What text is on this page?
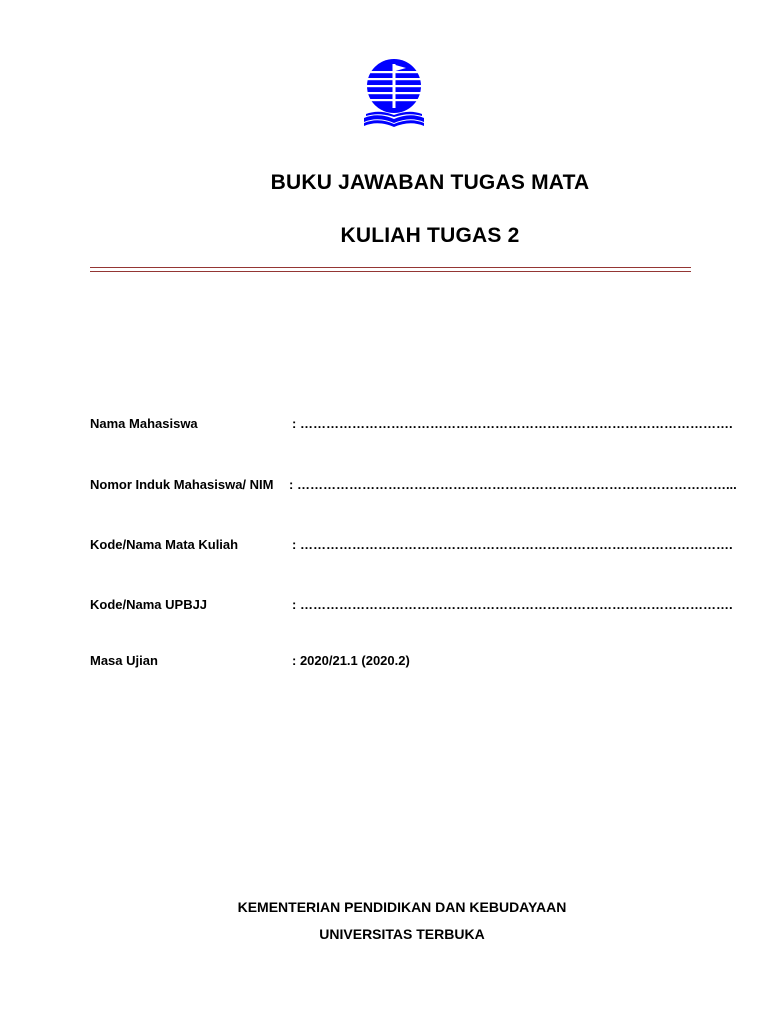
BUKU JAWABAN TUGAS MATA
KULIAH TUGAS 2
Nama Mahasiswa	: ……………………………………………………………………………………….
Nomor Induk Mahasiswa/ NIM : ………………………………………………………………………………………...
Kode/Nama Mata Kuliah	: ……………………………………………………………………………………….
Kode/Nama UPBJJ	: ……………………………………………………………………………………….
Masa Ujian	: 2020/21.1 (2020.2)
KEMENTERIAN PENDIDIKAN DAN KEBUDAYAAN
UNIVERSITAS TERBUKA
